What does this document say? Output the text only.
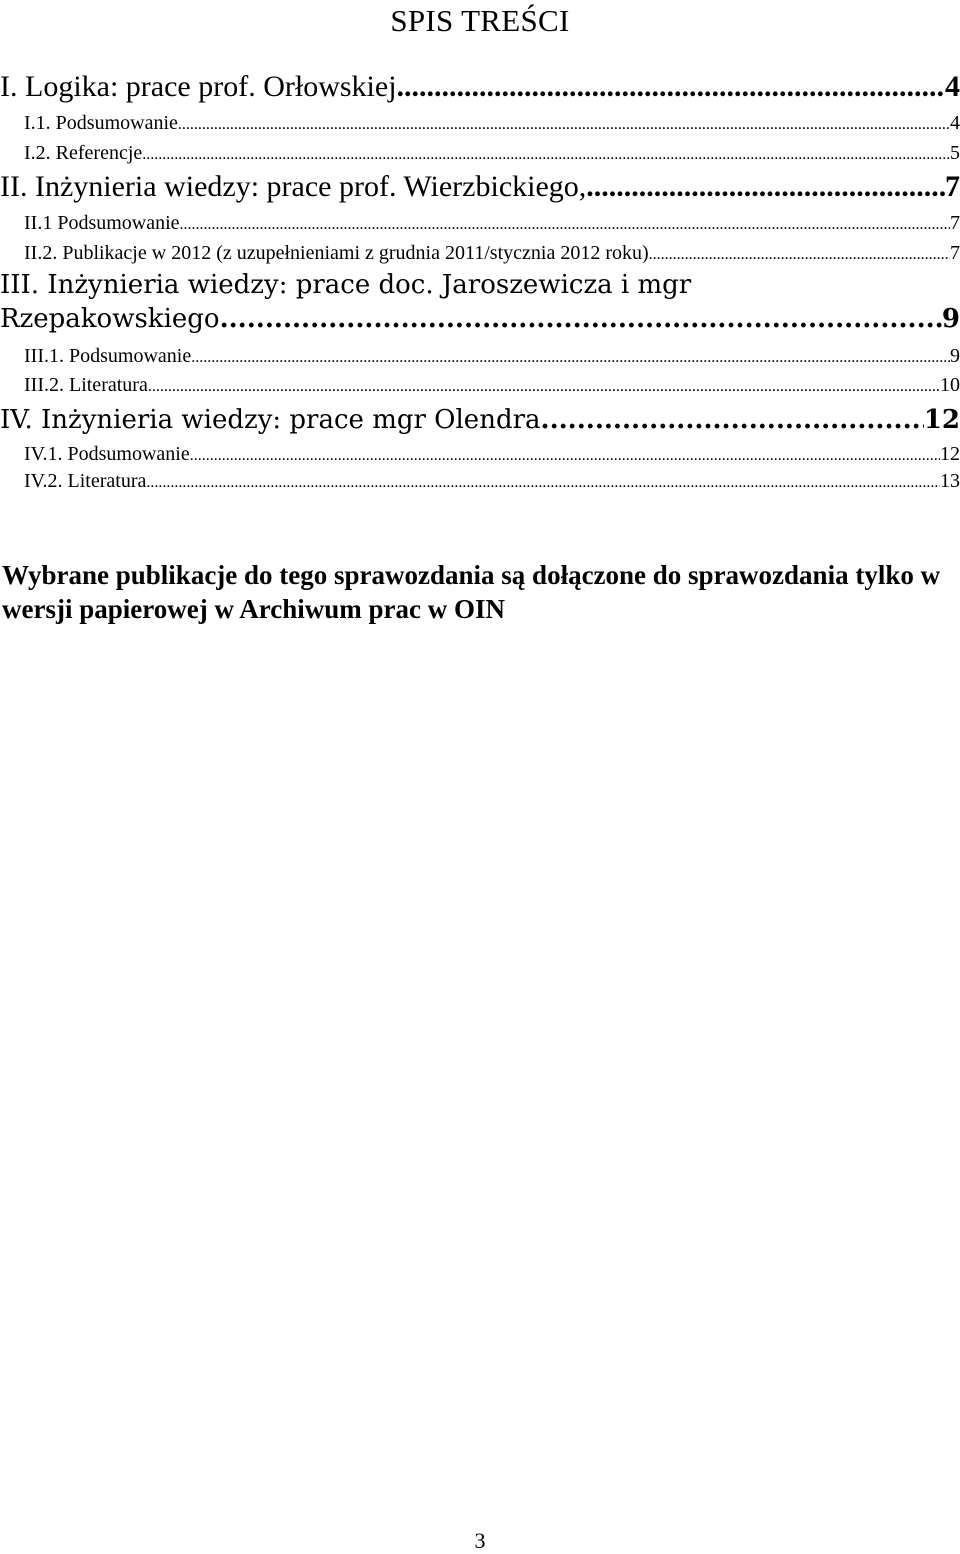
SPIS TREŚCI
I. Logika: prace prof. Orłowskiej .....	4
I.1. Podsumowanie .....	4
I.2. Referencje .....	5
II. Inżynieria wiedzy: prace prof. Wierzbickiego, .....	7
II.1 Podsumowanie .....	7
II.2. Publikacje w 2012 (z uzupełnieniami z grudnia 2011/stycznia 2012 roku) .....	7
III. Inżynieria wiedzy: prace doc. Jaroszewicza i mgr
Rzepakowskiego .....	9
III.1. Podsumowanie .....	9
III.2. Literatura .....	10
IV. Inżynieria wiedzy: prace mgr Olendra .....	12
IV.1. Podsumowanie .....	12
IV.2. Literatura .....	13
Wybrane publikacje do tego sprawozdania są dołączone do sprawozdania tylko w wersji papierowej w Archiwum prac w OIN
3
